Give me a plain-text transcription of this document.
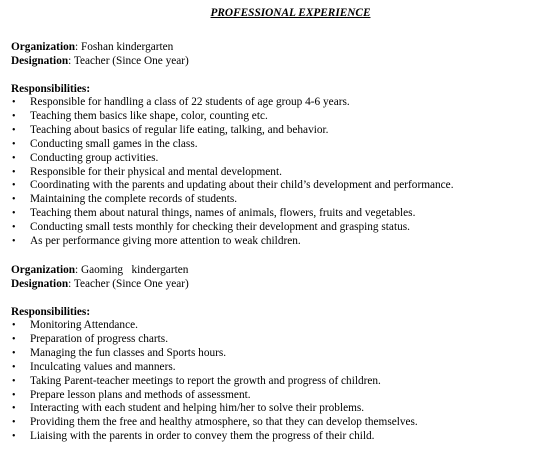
PROFESSIONAL EXPERIENCE

Organization: Foshan kindergarten

Designation: Teacher (Since One year)

Responsibilities:
• Responsible for handling a class of 22 students of age group 4-6 years.
• Teaching them basics like shape, color, counting etc.
• Teaching about basics of regular life eating, talking, and behavior.
• Conducting small games in the class.
• Conducting group activities.
• Responsible for their physical and mental development.
• Coordinating with the parents and updating about their child’s development and performance.
• Maintaining the complete records of students.
• Teaching them about natural things, names of animals, flowers, fruits and vegetables.
• Conducting small tests monthly for checking their development and grasping status.
• As per performance giving more attention to weak children.

Organization: Gaoming   kindergarten

Designation: Teacher (Since One year)

Responsibilities:
• Monitoring Attendance.
• Preparation of progress charts.
• Managing the fun classes and Sports hours.
• Inculcating values and manners.
• Taking Parent-teacher meetings to report the growth and progress of children.
• Prepare lesson plans and methods of assessment.
• Interacting with each student and helping him/her to solve their problems.
• Providing them the free and healthy atmosphere, so that they can develop themselves.
• Liaising with the parents in order to convey them the progress of their child.
